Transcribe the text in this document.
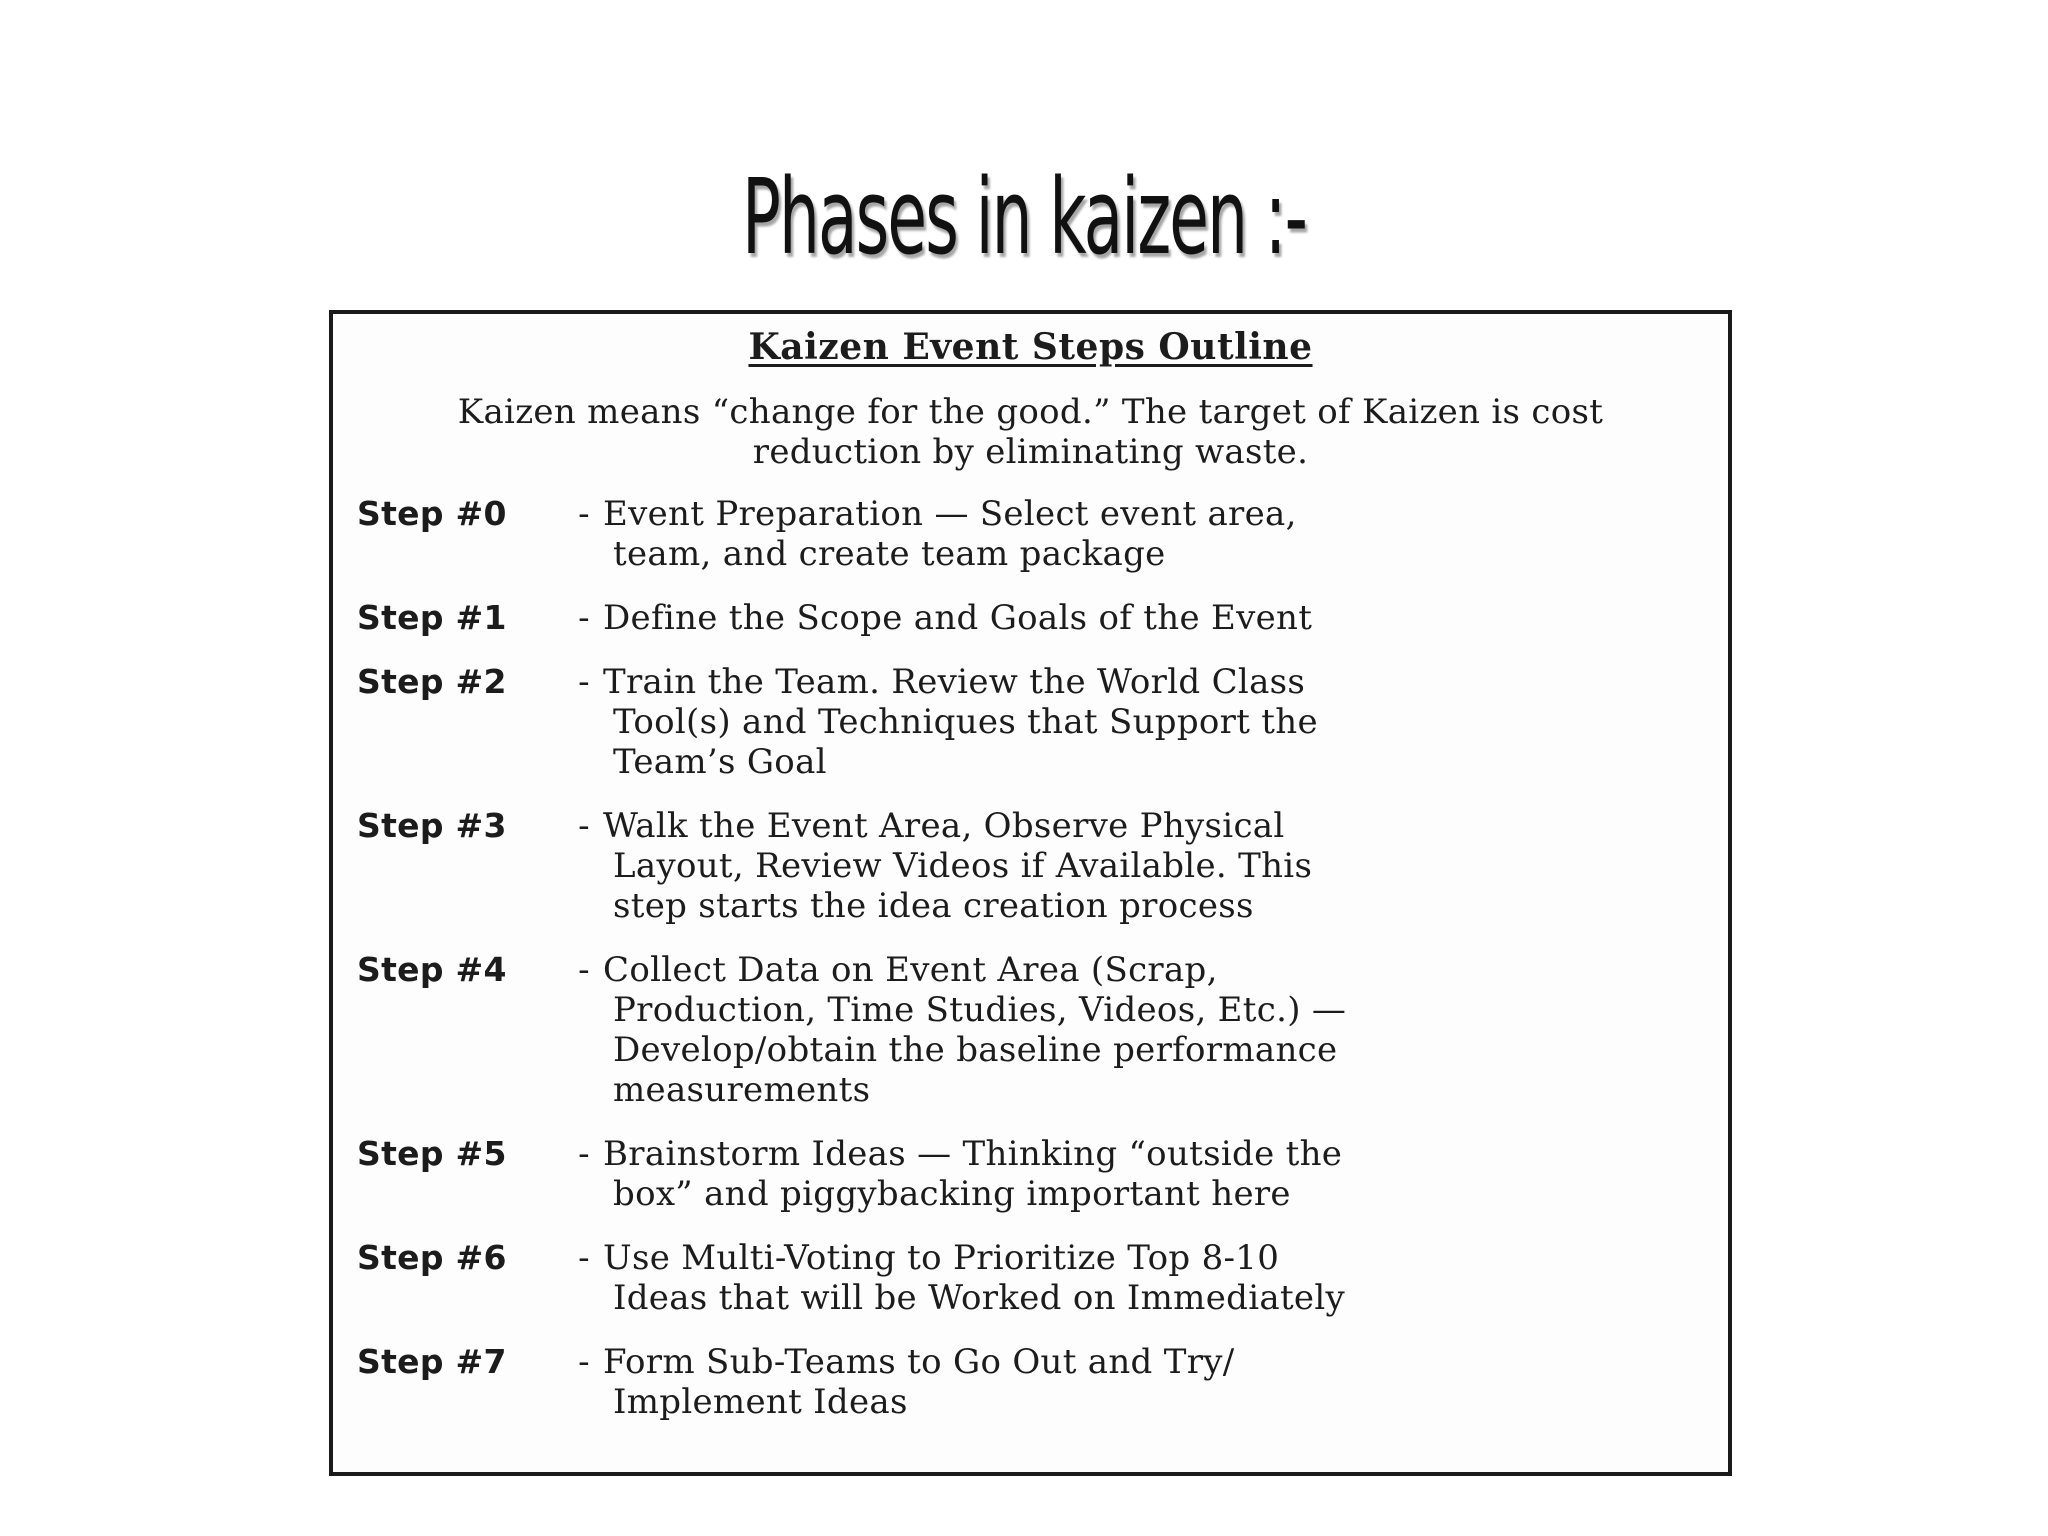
Phases in kaizen :-
Kaizen Event Steps Outline
Kaizen means “change for the good.” The target of Kaizen is cost reduction by eliminating waste.
Step #0	- Event Preparation — Select event area,
team, and create team package
Step #1	- Define the Scope and Goals of the Event
Step #2	- Train the Team. Review the World Class
Tool(s) and Techniques that Support the
Team’s Goal
Step #3	- Walk the Event Area, Observe Physical
Layout, Review Videos if Available. This
step starts the idea creation process
Step #4	- Collect Data on Event Area (Scrap,
Production, Time Studies, Videos, Etc.) —
Develop/obtain the baseline performance
measurements
Step #5	- Brainstorm Ideas — Thinking “outside the
box” and piggybacking important here
Step #6	- Use Multi-Voting to Prioritize Top 8-10
Ideas that will be Worked on Immediately
Step #7	- Form Sub-Teams to Go Out and Try/
Implement Ideas
